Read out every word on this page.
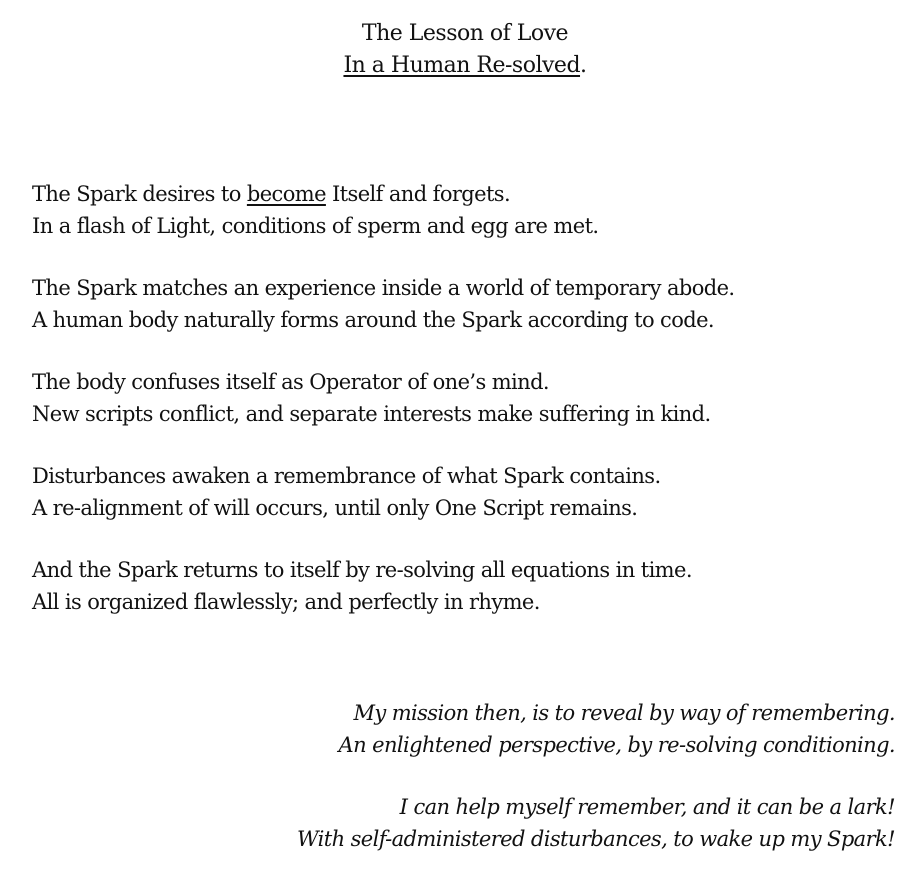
The Lesson of Love
In a Human Re-solved.
The Spark desires to become Itself and forgets.
In a flash of Light, conditions of sperm and egg are met.
The Spark matches an experience inside a world of temporary abode.
A human body naturally forms around the Spark according to code.
The body confuses itself as Operator of one’s mind.
New scripts conflict, and separate interests make suffering in kind.
Disturbances awaken a remembrance of what Spark contains.
A re-alignment of will occurs, until only One Script remains.
And the Spark returns to itself by re-solving all equations in time.
All is organized flawlessly; and perfectly in rhyme.
My mission then, is to reveal by way of remembering.
An enlightened perspective, by re-solving conditioning.
I can help myself remember, and it can be a lark!
With self-administered disturbances, to wake up my Spark!
